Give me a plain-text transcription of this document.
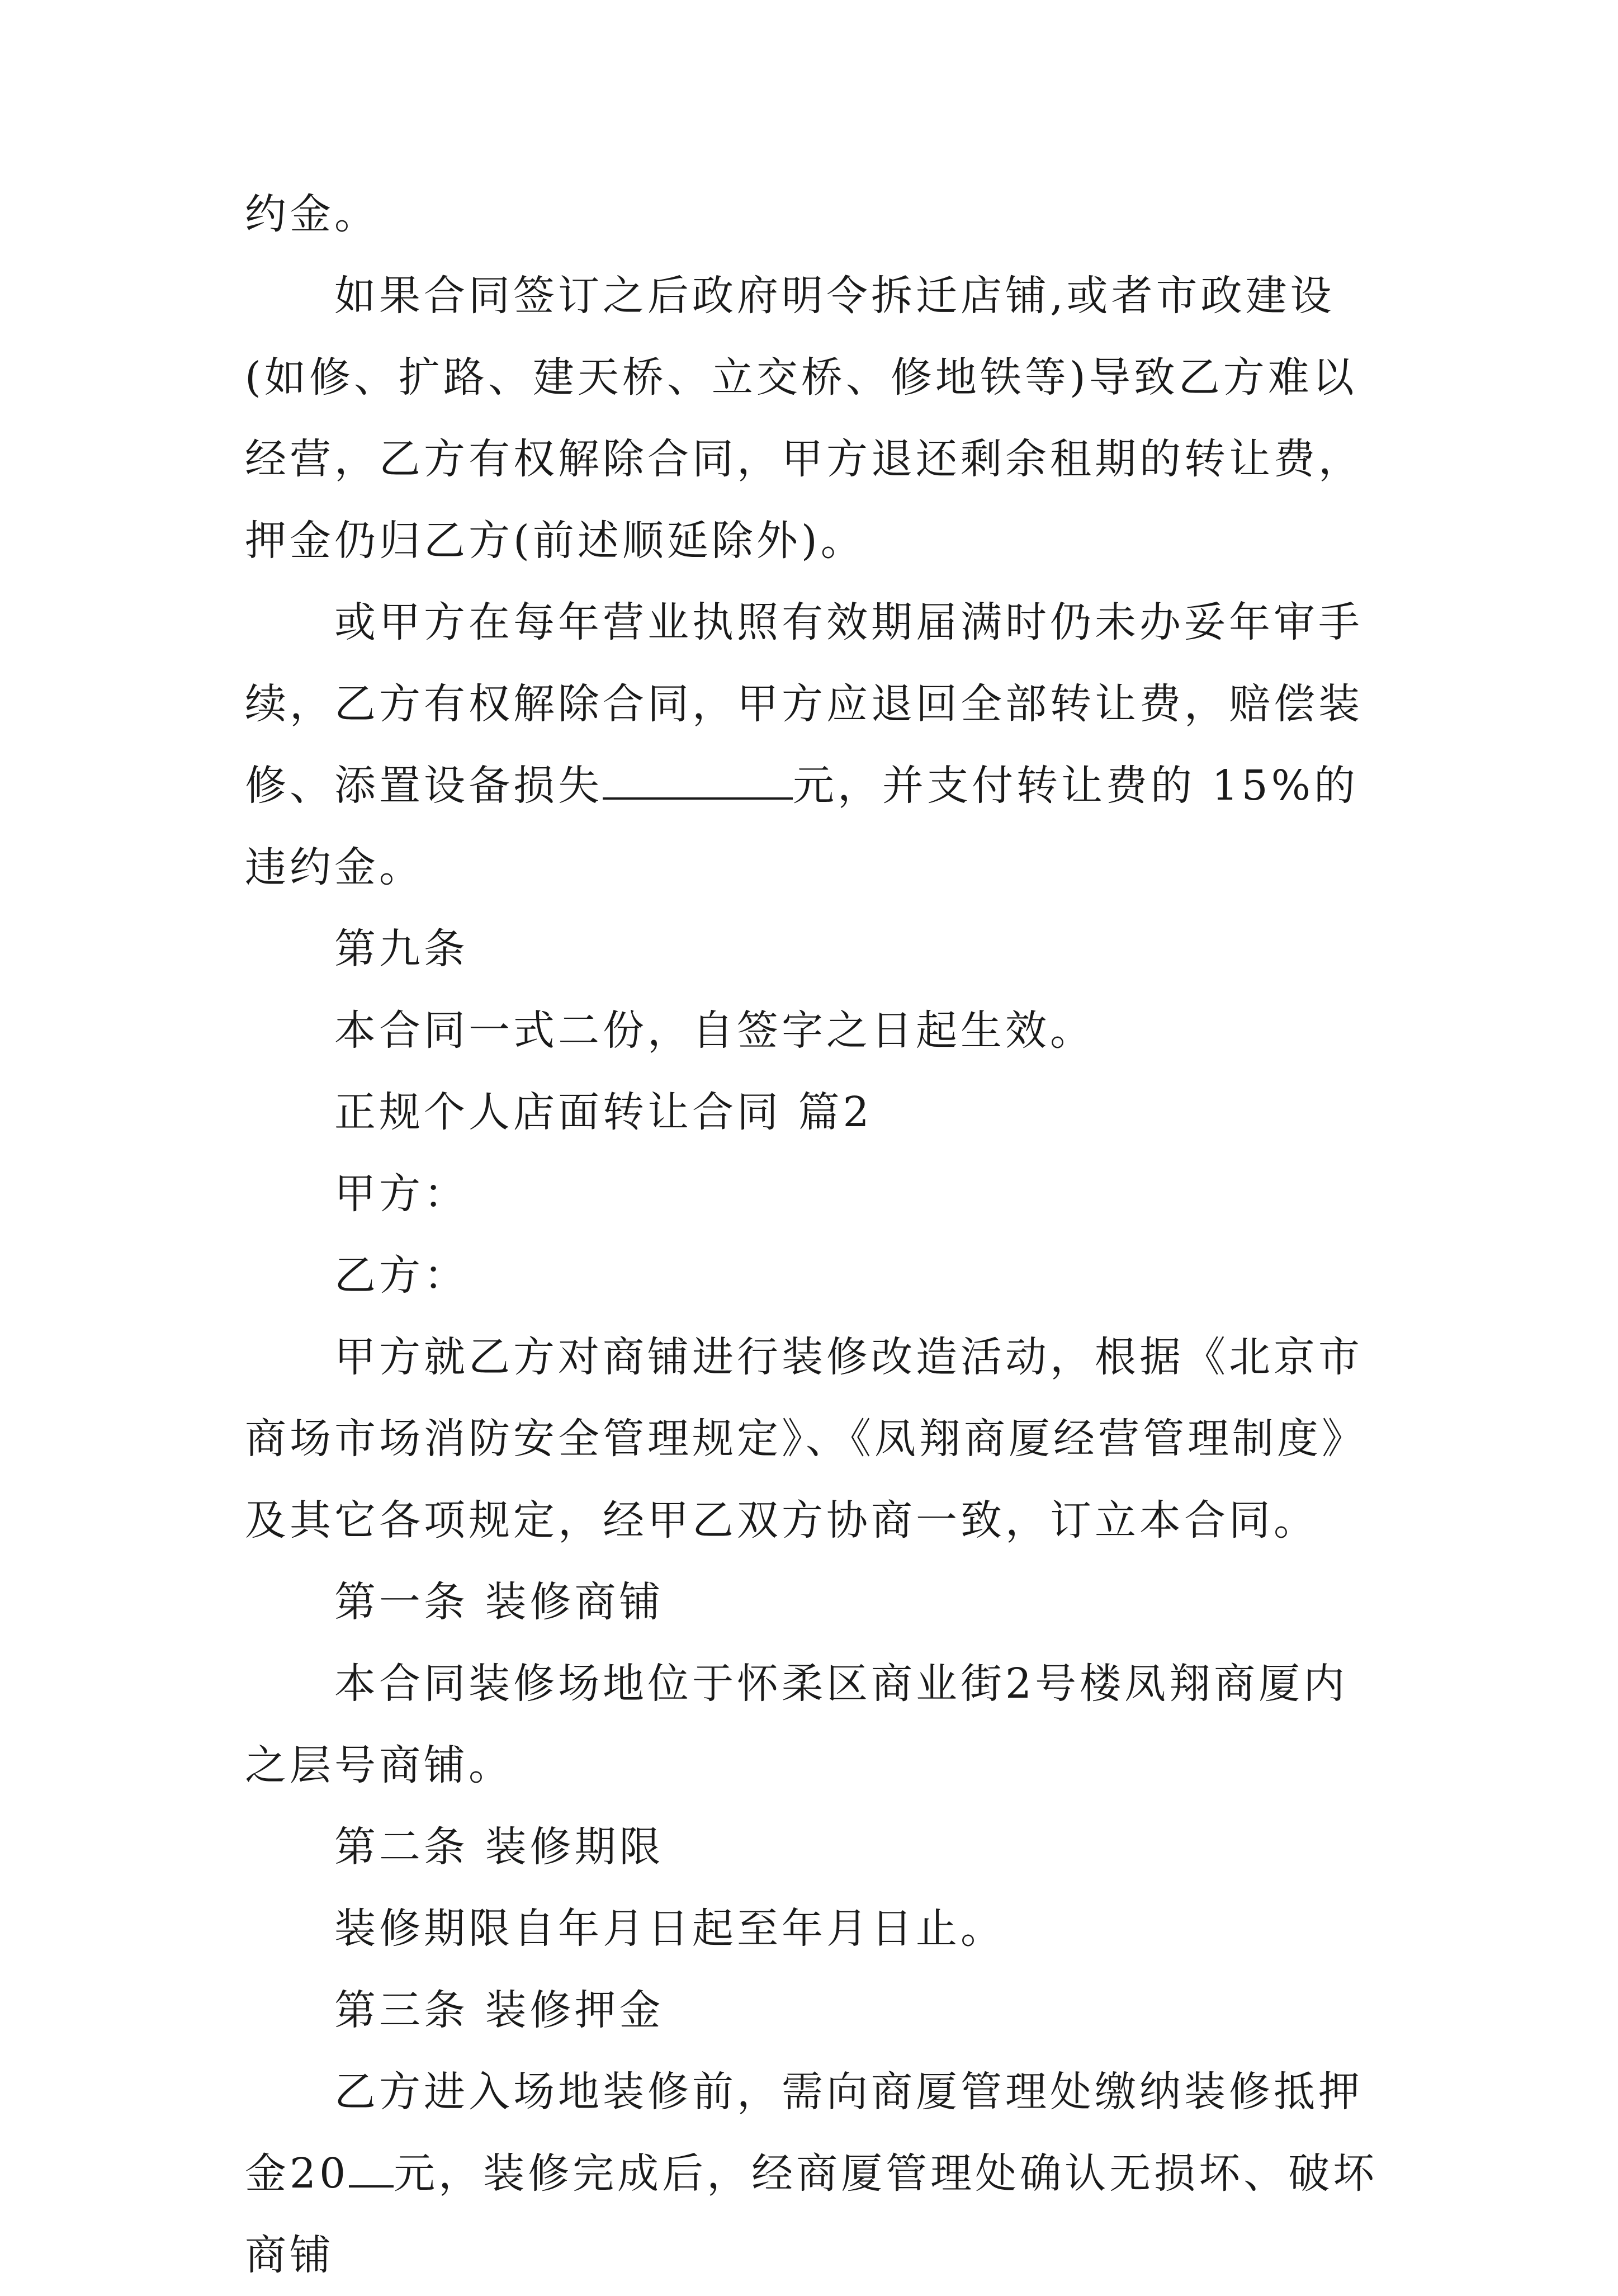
约金。

如果合同签订之后政府明令拆迁店铺,或者市政建设(如修、扩路、建天桥、立交桥、修地铁等)导致乙方难以经营，乙方有权解除合同，甲方退还剩余租期的转让费，押金仍归乙方(前述顺延除外)。

或甲方在每年营业执照有效期届满时仍未办妥年审手续，乙方有权解除合同，甲方应退回全部转让费，赔偿装修、添置设备损失	元，并支付转让费的 15%的违约金。

第九条

本合同一式二份，自签字之日起生效。

正规个人店面转让合同 篇2

甲方：

乙方：

甲方就乙方对商铺进行装修改造活动，根据《北京市商场市场消防安全管理规定》、《凤翔商厦经营管理制度》及其它各项规定，经甲乙双方协商一致，订立本合同。

第一条 装修商铺

本合同装修场地位于怀柔区商业街2号楼凤翔商厦内之层号商铺。

第二条 装修期限

装修期限自年月日起至年月日止。

第三条 装修押金

乙方进入场地装修前，需向商厦管理处缴纳装修抵押金20 元，装修完成后，经商厦管理处确认无损坏、破坏商铺
